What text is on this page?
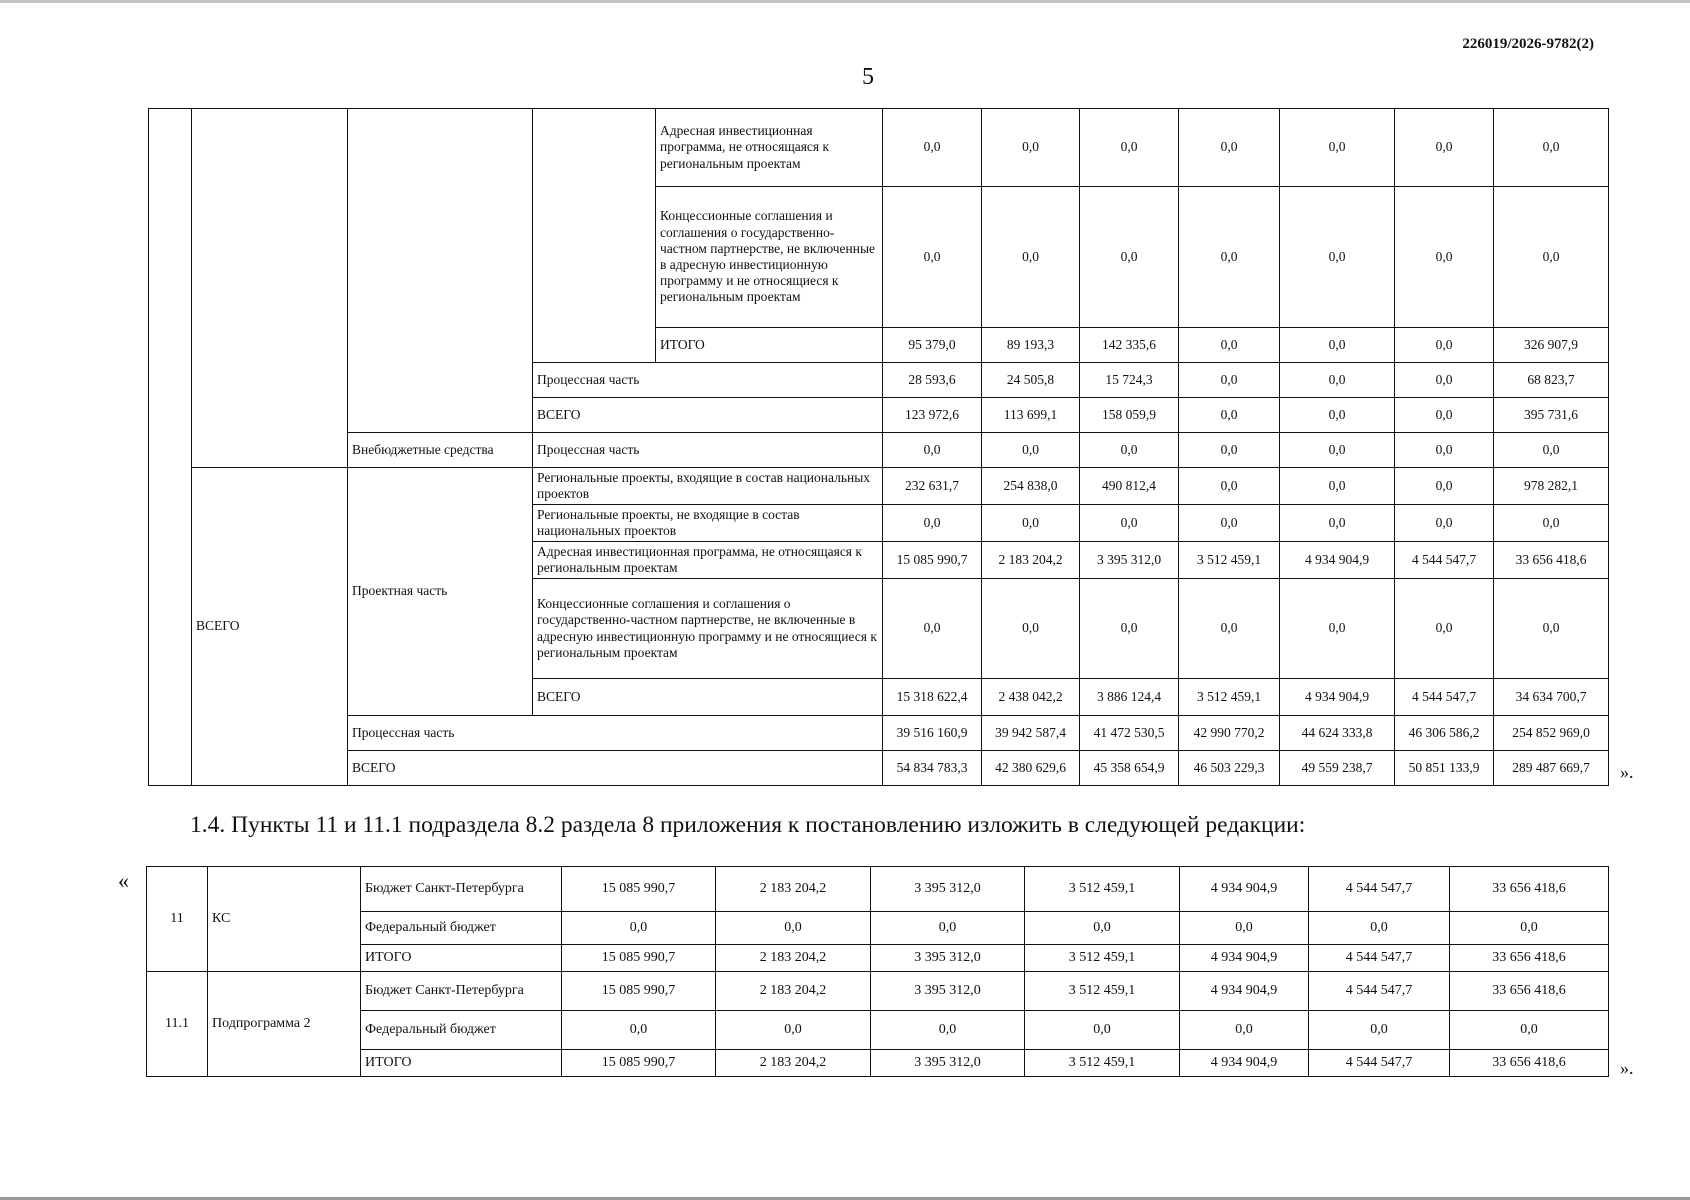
226019/2026-9782(2)
5
				Адресная инвестиционная программа, не относящаяся к региональным проектам	0,0	0,0	0,0	0,0	0,0	0,0	0,0
				Концессионные соглашения и соглашения о государственно-частном партнерстве, не включенные в адресную инвестиционную программу и не относящиеся к региональным проектам	0,0	0,0	0,0	0,0	0,0	0,0	0,0
				ИТОГО	95 379,0	89 193,3	142 335,6	0,0	0,0	0,0	326 907,9
			Процессная часть		28 593,6	24 505,8	15 724,3	0,0	0,0	0,0	68 823,7
			ВСЕГО		123 972,6	113 699,1	158 059,9	0,0	0,0	0,0	395 731,6
		Внебюджетные средства	Процессная часть		0,0	0,0	0,0	0,0	0,0	0,0	0,0
	ВСЕГО	Проектная часть	Региональные проекты, входящие в состав национальных проектов		232 631,7	254 838,0	490 812,4	0,0	0,0	0,0	978 282,1
			Региональные проекты, не входящие в состав национальных проектов		0,0	0,0	0,0	0,0	0,0	0,0	0,0
			Адресная инвестиционная программа, не относящаяся к региональным проектам		15 085 990,7	2 183 204,2	3 395 312,0	3 512 459,1	4 934 904,9	4 544 547,7	33 656 418,6
			Концессионные соглашения и соглашения о государственно-частном партнерстве, не включенные в адресную инвестиционную программу и не относящиеся к региональным проектам		0,0	0,0	0,0	0,0	0,0	0,0	0,0
			ВСЕГО		15 318 622,4	2 438 042,2	3 886 124,4	3 512 459,1	4 934 904,9	4 544 547,7	34 634 700,7
		Процессная часть			39 516 160,9	39 942 587,4	41 472 530,5	42 990 770,2	44 624 333,8	46 306 586,2	254 852 969,0
		ВСЕГО			54 834 783,3	42 380 629,6	45 358 654,9	46 503 229,3	49 559 238,7	50 851 133,9	289 487 669,7 ».
1.4. Пункты 11 и 11.1 подраздела 8.2 раздела 8 приложения к постановлению изложить в следующей редакции:
«
11	КС	Бюджет Санкт-Петербурга	15 085 990,7	2 183 204,2	3 395 312,0	3 512 459,1	4 934 904,9	4 544 547,7	33 656 418,6
		Федеральный бюджет	0,0	0,0	0,0	0,0	0,0	0,0	0,0
		ИТОГО	15 085 990,7	2 183 204,2	3 395 312,0	3 512 459,1	4 934 904,9	4 544 547,7	33 656 418,6
11.1	Подпрограмма 2	Бюджет Санкт-Петербурга	15 085 990,7	2 183 204,2	3 395 312,0	3 512 459,1	4 934 904,9	4 544 547,7	33 656 418,6
		Федеральный бюджет	0,0	0,0	0,0	0,0	0,0	0,0	0,0
		ИТОГО	15 085 990,7	2 183 204,2	3 395 312,0	3 512 459,1	4 934 904,9	4 544 547,7	33 656 418,6	».
